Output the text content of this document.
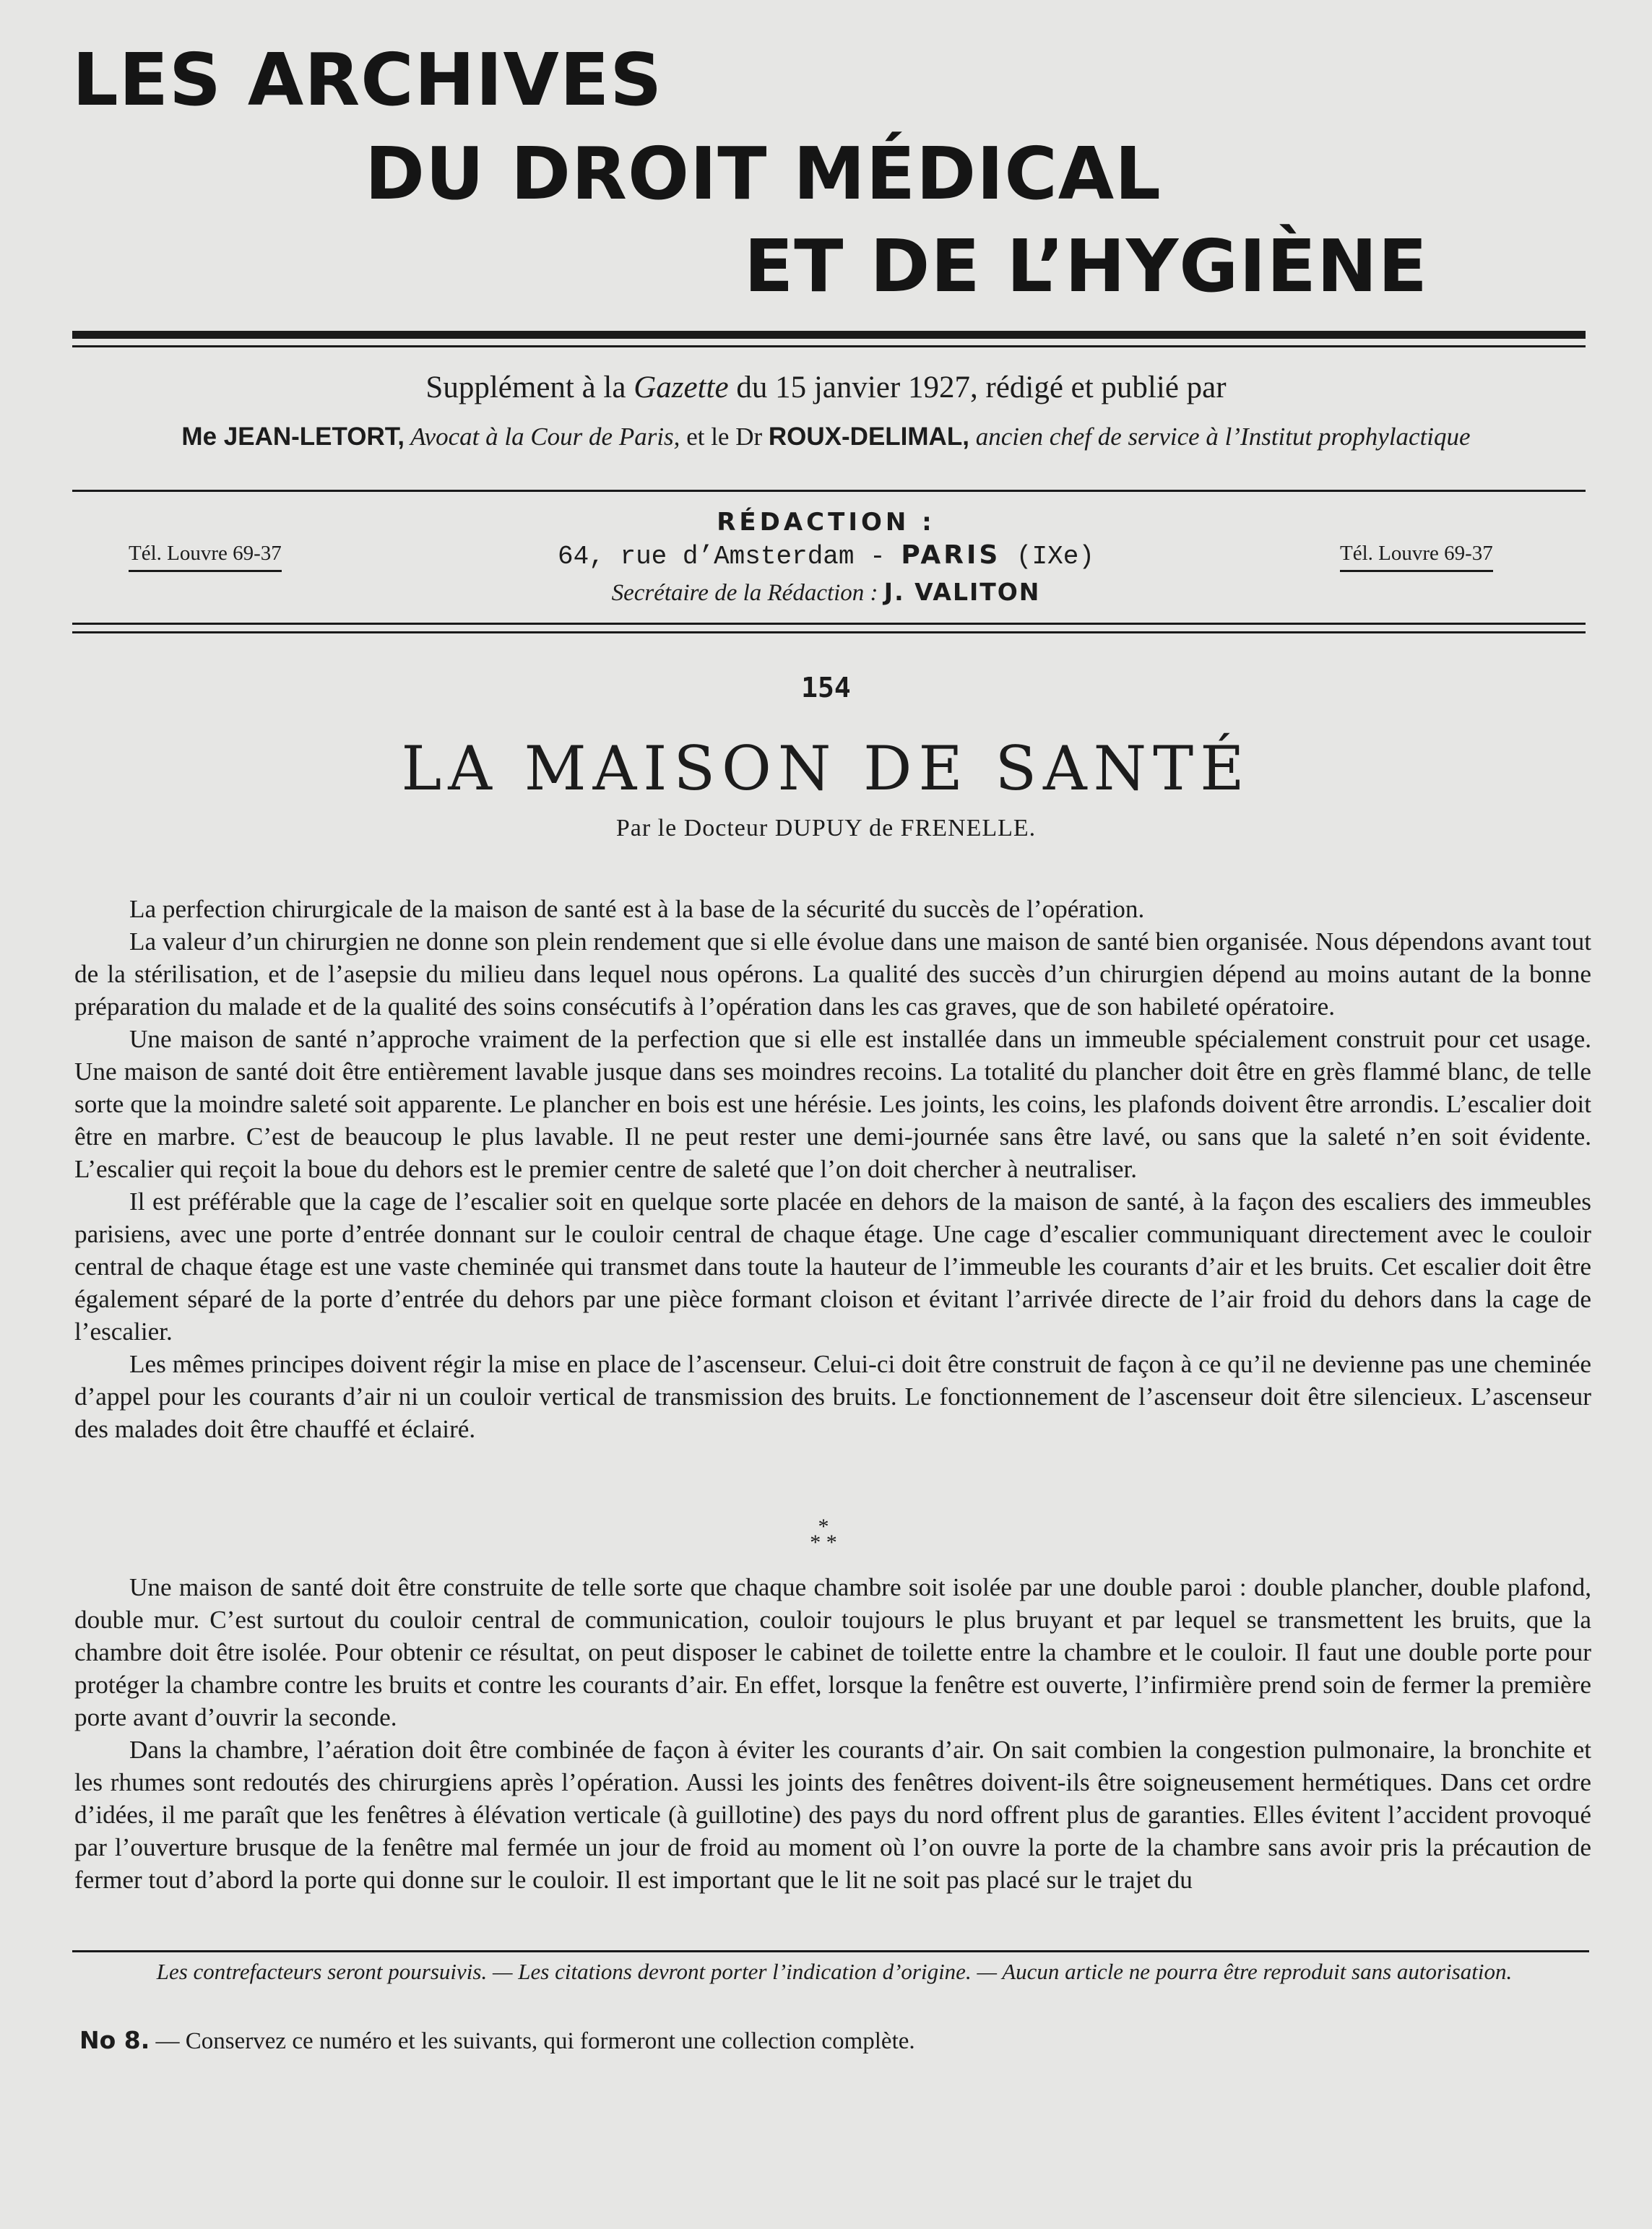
LES ARCHIVES
DU DROIT MÉDICAL
ET DE L’HYGIÈNE
Supplément à la Gazette du 15 janvier 1927, rédigé et publié par
Me JEAN-LETORT, Avocat à la Cour de Paris, et le Dr ROUX-DELIMAL, ancien chef de service à l’Institut prophylactique
RÉDACTION :
64, rue d’Amsterdam - PARIS (IXe)
Secrétaire de la Rédaction : J. VALITON
Tél. Louvre 69-37	Tél. Louvre 69-37
154
LA MAISON DE SANTÉ
Par le Docteur DUPUY de FRENELLE.

La perfection chirurgicale de la maison de santé est à la base de la sécurité du succès de l’opération.

La valeur d’un chirurgien ne donne son plein rendement que si elle évolue dans une maison de santé bien organisée. Nous dépendons avant tout de la stérilisation, et de l’asepsie du milieu dans lequel nous opérons. La qualité des succès d’un chirurgien dépend au moins autant de la bonne préparation du malade et de la qualité des soins consécutifs à l’opération dans les cas graves, que de son habileté opératoire.

Une maison de santé n’approche vraiment de la perfection que si elle est installée dans un immeuble spécialement construit pour cet usage. Une maison de santé doit être entièrement lavable jusque dans ses moindres recoins. La totalité du plancher doit être en grès flammé blanc, de telle sorte que la moindre saleté soit apparente. Le plancher en bois est une hérésie. Les joints, les coins, les plafonds doivent être arrondis. L’escalier doit être en marbre. C’est de beaucoup le plus lavable. Il ne peut rester une demi-journée sans être lavé, ou sans que la saleté n’en soit évidente. L’escalier qui reçoit la boue du dehors est le premier centre de saleté que l’on doit chercher à neutraliser.

Il est préférable que la cage de l’escalier soit en quelque sorte placée en dehors de la maison de santé, à la façon des escaliers des immeubles parisiens, avec une porte d’entrée donnant sur le couloir central de chaque étage. Une cage d’escalier communiquant directement avec le couloir central de chaque étage est une vaste cheminée qui transmet dans toute la hauteur de l’immeuble les courants d’air et les bruits. Cet escalier doit être également séparé de la porte d’entrée du dehors par une pièce formant cloison et évitant l’arrivée directe de l’air froid du dehors dans la cage de l’escalier.

Les mêmes principes doivent régir la mise en place de l’ascenseur. Celui-ci doit être construit de façon à ce qu’il ne devienne pas une cheminée d’appel pour les courants d’air ni un couloir vertical de transmission des bruits. Le fonctionnement de l’ascenseur doit être silencieux. L’ascenseur des malades doit être chauffé et éclairé.

*
* *

Une maison de santé doit être construite de telle sorte que chaque chambre soit isolée par une double paroi : double plancher, double plafond, double mur. C’est surtout du couloir central de communication, couloir toujours le plus bruyant et par lequel se transmettent les bruits, que la chambre doit être isolée. Pour obtenir ce résultat, on peut disposer le cabinet de toilette entre la chambre et le couloir. Il faut une double porte pour protéger la chambre contre les bruits et contre les courants d’air. En effet, lorsque la fenêtre est ouverte, l’infirmière prend soin de fermer la première porte avant d’ouvrir la seconde.

Dans la chambre, l’aération doit être combinée de façon à éviter les courants d’air. On sait combien la congestion pulmonaire, la bronchite et les rhumes sont redoutés des chirurgiens après l’opération. Aussi les joints des fenêtres doivent-ils être soigneusement hermétiques. Dans cet ordre d’idées, il me paraît que les fenêtres à élévation verticale (à guillotine) des pays du nord offrent plus de garanties. Elles évitent l’accident provoqué par l’ouverture brusque de la fenêtre mal fermée un jour de froid au moment où l’on ouvre la porte de la chambre sans avoir pris la précaution de fermer tout d’abord la porte qui donne sur le couloir. Il est important que le lit ne soit pas placé sur le trajet du

Les contrefacteurs seront poursuivis. — Les citations devront porter l’indication d’origine. — Aucun article ne pourra être reproduit sans autorisation.
No 8. — Conservez ce numéro et les suivants, qui formeront une collection complète.
